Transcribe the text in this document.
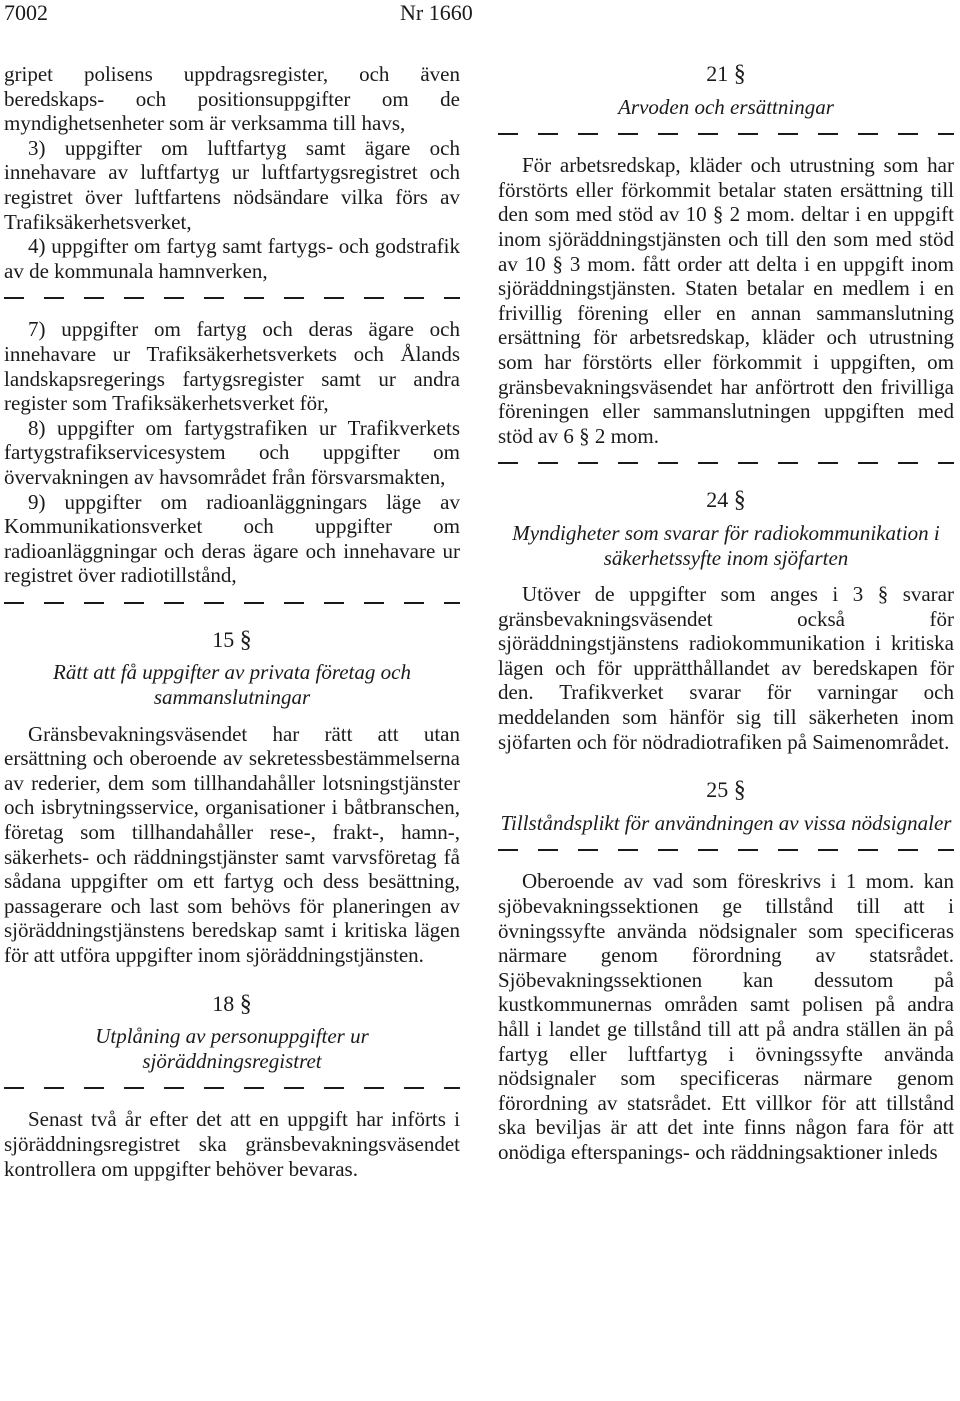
7002	Nr 1660

gripet polisens uppdragsregister, och även beredskaps- och positionsuppgifter om de myndighetsenheter som är verksamma till havs,

3) uppgifter om luftfartyg samt ägare och innehavare av luftfartyg ur luftfartygsregistret och registret över luftfartens nödsändare vilka förs av Trafiksäkerhetsverket,

4) uppgifter om fartyg samt fartygs- och godstrafik av de kommunala hamnverken,

7) uppgifter om fartyg och deras ägare och innehavare ur Trafiksäkerhetsverkets och Ålands landskapsregerings fartygsregister samt ur andra register som Trafiksäkerhetsverket för,

8) uppgifter om fartygstrafiken ur Trafikverkets fartygstrafikservicesystem och uppgifter om övervakningen av havsområdet från försvarsmakten,

9) uppgifter om radioanläggningars läge av Kommunikationsverket och uppgifter om radioanläggningar och deras ägare och innehavare ur registret över radiotillstånd,

15 §
Rätt att få uppgifter av privata företag och sammanslutningar

Gränsbevakningsväsendet har rätt att utan ersättning och oberoende av sekretessbestämmelserna av rederier, dem som tillhandahåller lotsningstjänster och isbrytningsservice, organisationer i båtbranschen, företag som tillhandahåller rese-, frakt-, hamn-, säkerhets- och räddningstjänster samt varvsföretag få sådana uppgifter om ett fartyg och dess besättning, passagerare och last som behövs för planeringen av sjöräddningstjänstens beredskap samt i kritiska lägen för att utföra uppgifter inom sjöräddningstjänsten.

18 §
Utplåning av personuppgifter ur sjöräddningsregistret

Senast två år efter det att en uppgift har införts i sjöräddningsregistret ska gränsbevakningsväsendet kontrollera om uppgifter behöver bevaras.

21 §
Arvoden och ersättningar

För arbetsredskap, kläder och utrustning som har förstörts eller förkommit betalar staten ersättning till den som med stöd av 10 § 2 mom. deltar i en uppgift inom sjöräddningstjänsten och till den som med stöd av 10 § 3 mom. fått order att delta i en uppgift inom sjöräddningstjänsten. Staten betalar en medlem i en frivillig förening eller en annan sammanslutning ersättning för arbetsredskap, kläder och utrustning som har förstörts eller förkommit i uppgiften, om gränsbevakningsväsendet har anförtrott den frivilliga föreningen eller sammanslutningen uppgiften med stöd av 6 § 2 mom.

24 §
Myndigheter som svarar för radiokommunikation i säkerhetssyfte inom sjöfarten

Utöver de uppgifter som anges i 3 § svarar gränsbevakningsväsendet också för sjöräddningstjänstens radiokommunikation i kritiska lägen och för upprätthållandet av beredskapen för den. Trafikverket svarar för varningar och meddelanden som hänför sig till säkerheten inom sjöfarten och för nödradiotrafiken på Saimenområdet.

25 §
Tillståndsplikt för användningen av vissa nödsignaler

Oberoende av vad som föreskrivs i 1 mom. kan sjöbevakningssektionen ge tillstånd till att i övningssyfte använda nödsignaler som specificeras närmare genom förordning av statsrådet. Sjöbevakningssektionen kan dessutom på kustkommunernas områden samt polisen på andra håll i landet ge tillstånd till att på andra ställen än på fartyg eller luftfartyg i övningssyfte använda nödsignaler som specificeras närmare genom förordning av statsrådet. Ett villkor för att tillstånd ska beviljas är att det inte finns någon fara för att onödiga efterspanings- och räddningsaktioner inleds
